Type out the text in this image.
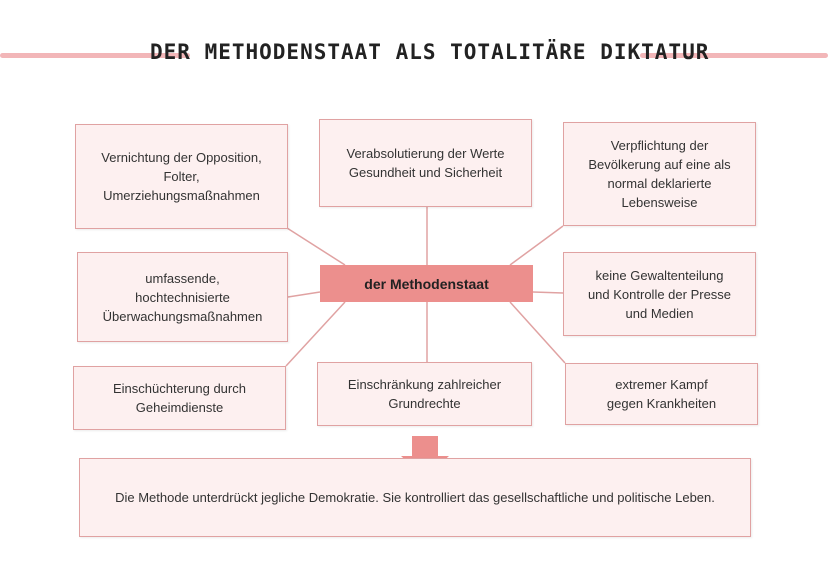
DER METHODENSTAAT ALS TOTALITÄRE DIKTATUR
Vernichtung der Opposition,
Folter,
Umerziehungsmaßnahmen
Verabsolutierung der Werte
Gesundheit und Sicherheit
Verpflichtung der
Bevölkerung auf eine als
normal deklarierte
Lebensweise
umfassende,
hochtechnisierte
Überwachungsmaßnahmen
keine Gewaltenteilung
und Kontrolle der Presse
und Medien
Einschüchterung durch
Geheimdienste
Einschränkung zahlreicher
Grundrechte
extremer Kampf
gegen Krankheiten
der Methodenstaat
Die Methode unterdrückt jegliche Demokratie. Sie kontrolliert das gesellschaftliche und politische Leben.
